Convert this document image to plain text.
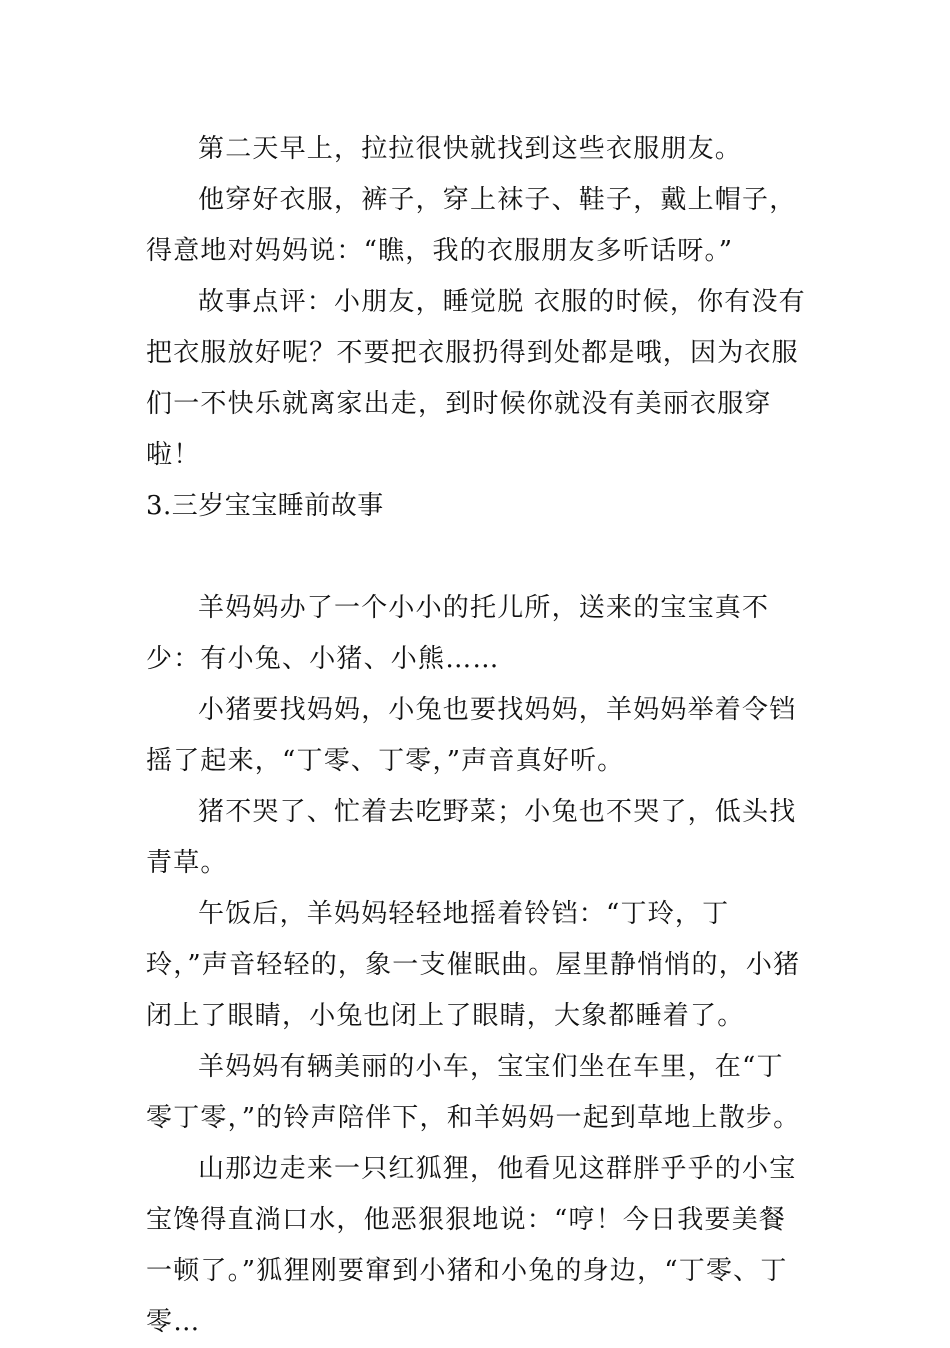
第二天早上，拉拉很快就找到这些衣服朋友。

他穿好衣服，裤子，穿上袜子、鞋子，戴上帽子，得意地对妈妈说：“瞧，我的衣服朋友多听话呀。”

故事点评：小朋友，睡觉脱 衣服的时候，你有没有把衣服放好呢？不要把衣服扔得到处都是哦，因为衣服们一不快乐就离家出走，到时候你就没有美丽衣服穿啦！

3.三岁宝宝睡前故事

羊妈妈办了一个小小的托儿所，送来的宝宝真不少：有小兔、小猪、小熊……

小猪要找妈妈，小兔也要找妈妈，羊妈妈举着令铛摇了起来，“丁零、丁零，”声音真好听。

猪不哭了、忙着去吃野菜；小兔也不哭了，低头找青草。

午饭后，羊妈妈轻轻地摇着铃铛：“丁玲，丁玲，”声音轻轻的，象一支催眠曲。屋里静悄悄的，小猪闭上了眼睛，小兔也闭上了眼睛，大象都睡着了。

羊妈妈有辆美丽的小车，宝宝们坐在车里，在“丁零丁零，”的铃声陪伴下，和羊妈妈一起到草地上散步。

山那边走来一只红狐狸，他看见这群胖乎乎的小宝宝馋得直淌口水，他恶狠狠地说：“哼！今日我要美餐一顿了。”狐狸刚要窜到小猪和小兔的身边，“丁零、丁零…
